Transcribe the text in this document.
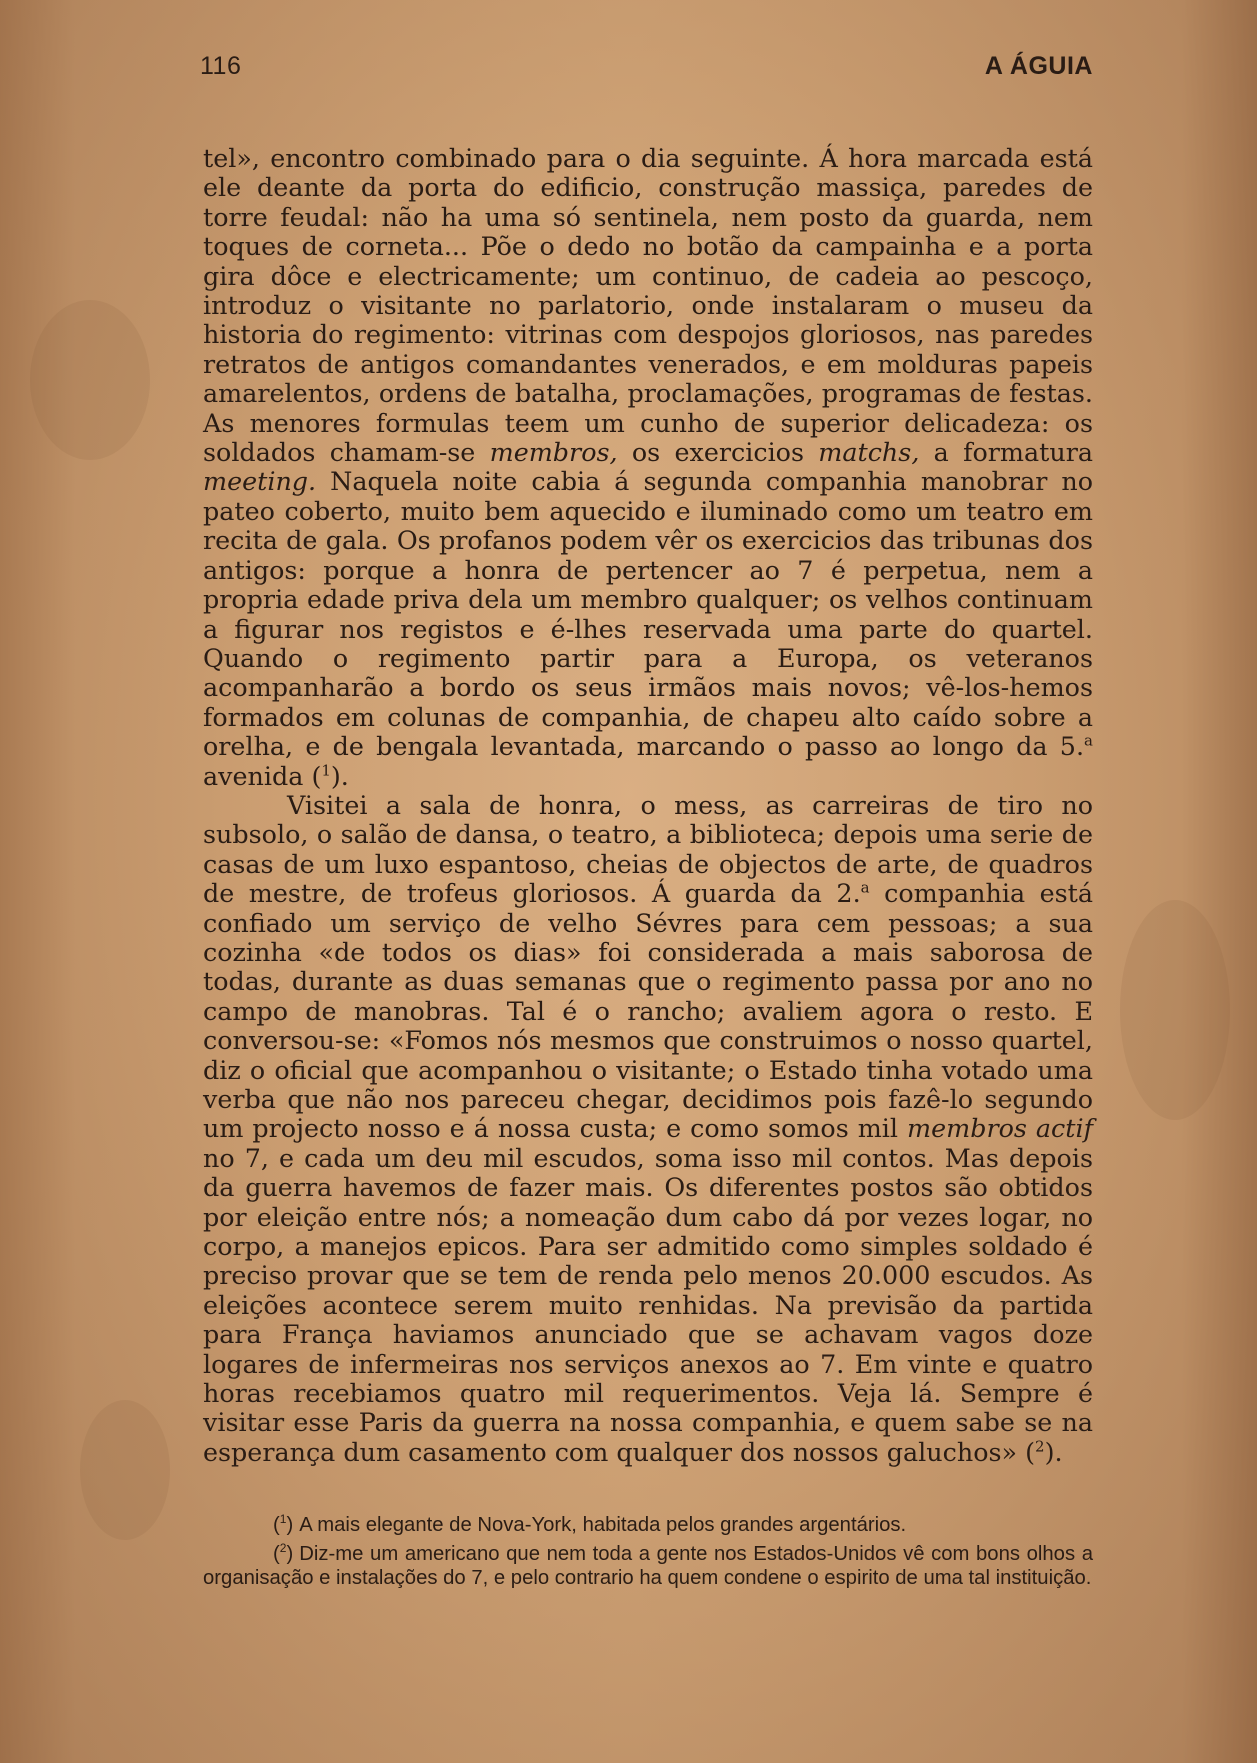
116	A ÁGUIA

tel», encontro combinado para o dia seguinte. Á hora marcada está ele deante da porta do edificio, construção massiça, paredes de torre feudal: não ha uma só sentinela, nem posto da guarda, nem toques de corneta... Põe o dedo no botão da campainha e a porta gira dôce e electricamente; um continuo, de cadeia ao pescoço, introduz o visitante no parlatorio, onde instalaram o museu da historia do regimento: vitrinas com despojos gloriosos, nas paredes retratos de antigos comandantes venerados, e em molduras papeis amarelentos, ordens de batalha, proclamações, programas de festas. As menores formulas teem um cunho de superior delicadeza: os soldados chamam-se membros, os exercicios matchs, a formatura meeting. Naquela noite cabia á segunda companhia manobrar no pateo coberto, muito bem aquecido e iluminado como um teatro em recita de gala. Os profanos podem vêr os exercicios das tribunas dos antigos: porque a honra de pertencer ao 7 é perpetua, nem a propria edade priva dela um membro qualquer; os velhos continuam a figurar nos registos e é-lhes reservada uma parte do quartel. Quando o regimento partir para a Europa, os veteranos acompanharão a bordo os seus irmãos mais novos; vê-los-hemos formados em colunas de companhia, de chapeu alto caído sobre a orelha, e de bengala levantada, marcando o passo ao longo da 5.$^a$ avenida ($^1$).

Visitei a sala de honra, o mess, as carreiras de tiro no subsolo, o salão de dansa, o teatro, a biblioteca; depois uma serie de casas de um luxo espantoso, cheias de objectos de arte, de quadros de mestre, de trofeus gloriosos. Á guarda da 2.$^a$ companhia está confiado um serviço de velho Sévres para cem pessoas; a sua cozinha «de todos os dias» foi considerada a mais saborosa de todas, durante as duas semanas que o regimento passa por ano no campo de manobras. Tal é o rancho; avaliem agora o resto. E conversou-se: «Fomos nós mesmos que construimos o nosso quartel, diz o oficial que acompanhou o visitante; o Estado tinha votado uma verba que não nos pareceu chegar, decidimos pois fazê-lo segundo um projecto nosso e á nossa custa; e como somos mil membros actif no 7, e cada um deu mil escudos, soma isso mil contos. Mas depois da guerra havemos de fazer mais. Os diferentes postos são obtidos por eleição entre nós; a nomeação dum cabo dá por vezes logar, no corpo, a manejos epicos. Para ser admitido como simples soldado é preciso provar que se tem de renda pelo menos 20.000 escudos. As eleições acontece serem muito renhidas. Na previsão da partida para França haviamos anunciado que se achavam vagos doze logares de infermeiras nos serviços anexos ao 7. Em vinte e quatro horas recebiamos quatro mil requerimentos. Veja lá. Sempre é visitar esse Paris da guerra na nossa companhia, e quem sabe se na esperança dum casamento com qualquer dos nossos galuchos» ($^2$).

($^1$) A mais elegante de Nova-York, habitada pelos grandes argentários.

($^2$) Diz-me um americano que nem toda a gente nos Estados-Unidos vê com bons olhos a organisação e instalações do 7, e pelo contrario ha quem condene o espirito de uma tal instituição.
